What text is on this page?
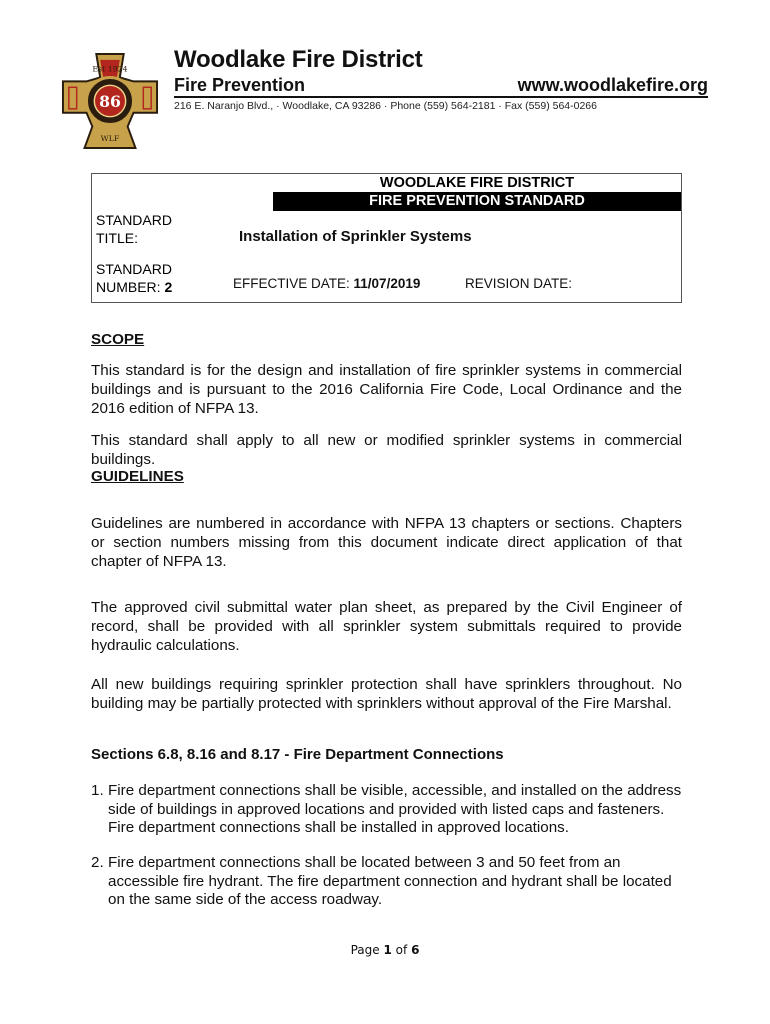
Est 1924
86
WLF
Woodlake Fire District
Fire Prevention	www.woodlakefire.org
216 E. Naranjo Blvd., · Woodlake, CA 93286 · Phone (559) 564-2181 · Fax (559) 564-0266
WOODLAKE FIRE DISTRICT
FIRE PREVENTION STANDARD
STANDARD
TITLE:	Installation of Sprinkler Systems
STANDARD
NUMBER: 2	EFFECTIVE DATE: 11/07/2019	REVISION DATE:
SCOPE
This standard is for the design and installation of fire sprinkler systems in commercial buildings and is pursuant to the 2016 California Fire Code, Local Ordinance and the 2016 edition of NFPA 13.
This standard shall apply to all new or modified sprinkler systems in commercial buildings.
GUIDELINES
Guidelines are numbered in accordance with NFPA 13 chapters or sections. Chapters or section numbers missing from this document indicate direct application of that chapter of NFPA 13.
The approved civil submittal water plan sheet, as prepared by the Civil Engineer of record, shall be provided with all sprinkler system submittals required to provide hydraulic calculations.
All new buildings requiring sprinkler protection shall have sprinklers throughout. No building may be partially protected with sprinklers without approval of the Fire Marshal.
Sections 6.8, 8.16 and 8.17 - Fire Department Connections
1. Fire department connections shall be visible, accessible, and installed on the address side of buildings in approved locations and provided with listed caps and fasteners. Fire department connections shall be installed in approved locations.
2. Fire department connections shall be located between 3 and 50 feet from an accessible fire hydrant. The fire department connection and hydrant shall be located on the same side of the access roadway.
Page 1 of 6
